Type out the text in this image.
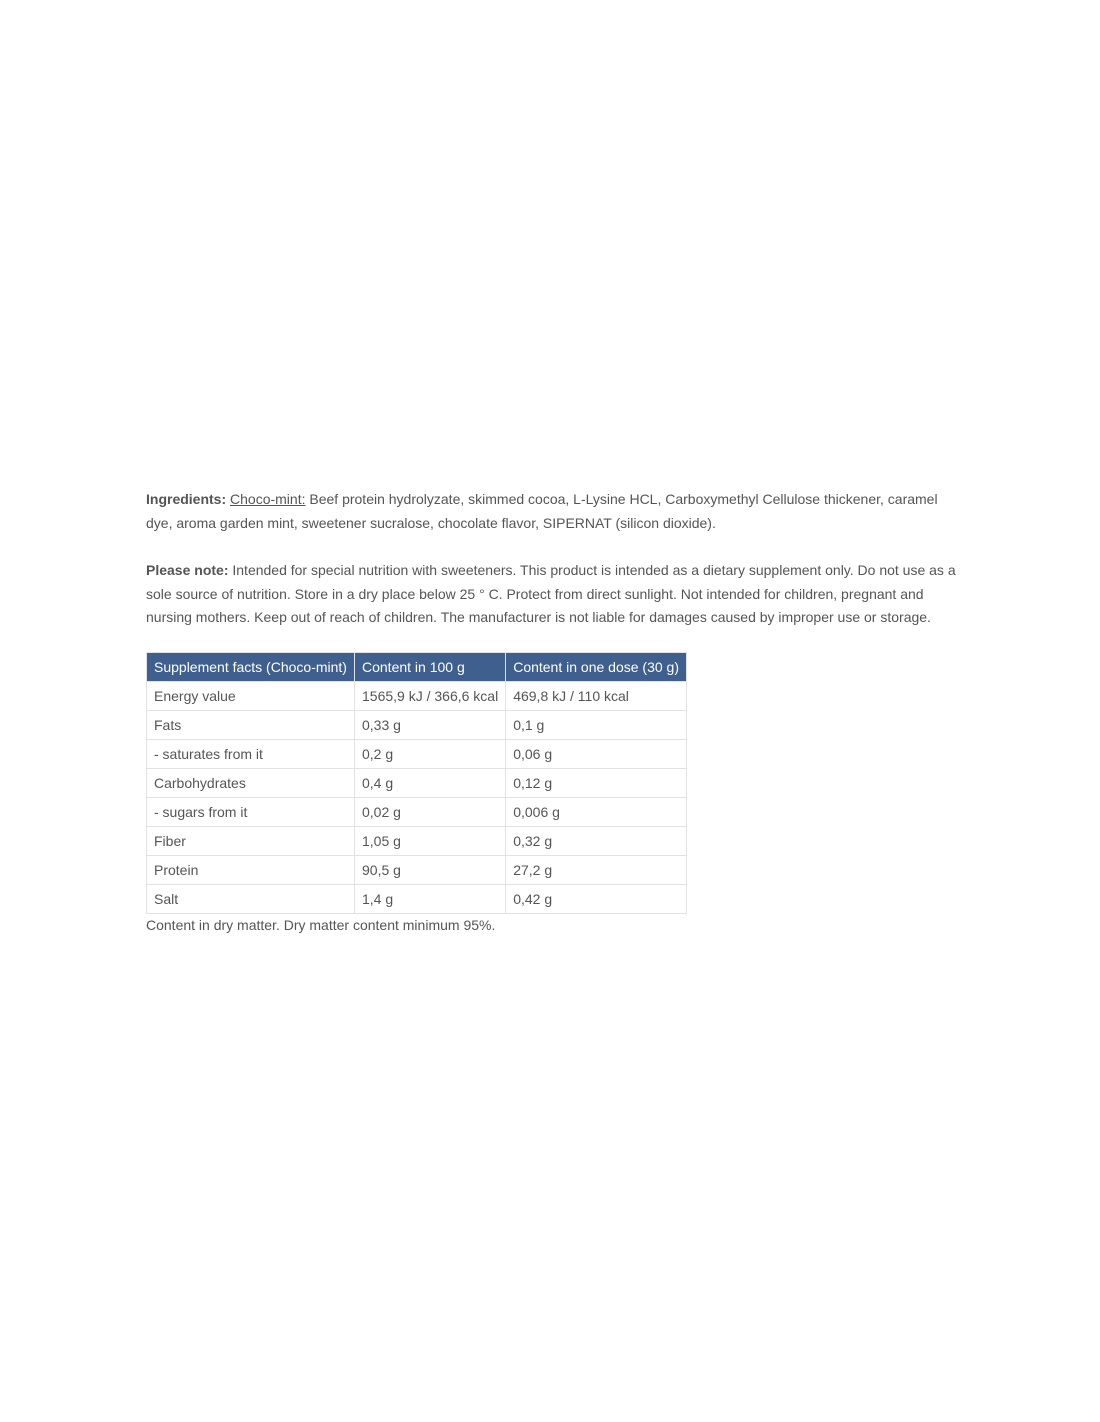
Ingredients: Choco-mint: Beef protein hydrolyzate, skimmed cocoa, L-Lysine HCL, Carboxymethyl Cellulose thickener, caramel dye, aroma garden mint, sweetener sucralose, chocolate flavor, SIPERNAT (silicon dioxide).

Please note: Intended for special nutrition with sweeteners. This product is intended as a dietary supplement only. Do not use as a sole source of nutrition. Store in a dry place below 25 ° C. Protect from direct sunlight. Not intended for children, pregnant and nursing mothers. Keep out of reach of children. The manufacturer is not liable for damages caused by improper use or storage.

Supplement facts (Choco-mint)	Content in 100 g	Content in one dose (30 g)
Energy value	1565,9 kJ / 366,6 kcal	469,8 kJ / 110 kcal
Fats	0,33 g	0,1 g
- saturates from it	0,2 g	0,06 g
Carbohydrates	0,4 g	0,12 g
- sugars from it	0,02 g	0,006 g
Fiber	1,05 g	0,32 g
Protein	90,5 g	27,2 g
Salt	1,4 g	0,42 g

Content in dry matter. Dry matter content minimum 95%.
